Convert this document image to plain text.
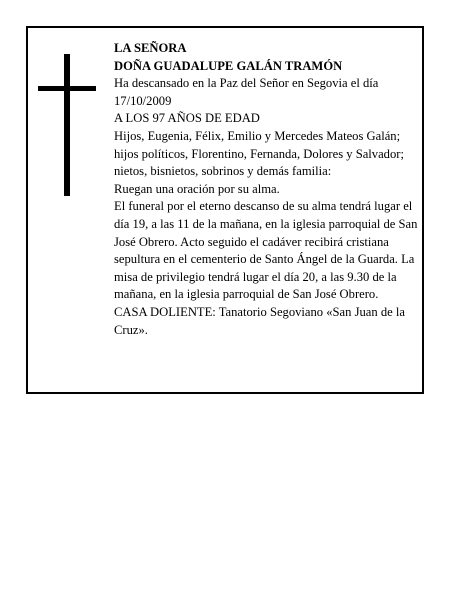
LA SEÑORA

DOÑA GUADALUPE GALÁN TRAMÓN

Ha descansado en la Paz del Señor en Segovia el día 17/10/2009

A LOS 97 AÑOS DE EDAD

Hijos, Eugenia, Félix, Emilio y Mercedes Mateos Galán; hijos políticos, Florentino, Fernanda, Dolores y Salvador; nietos, bisnietos, sobrinos y demás familia:

Ruegan una oración por su alma.

El funeral por el eterno descanso de su alma tendrá lugar el día 19, a las 11 de la mañana, en la iglesia parroquial de San José Obrero. Acto seguido el cadáver recibirá cristiana sepultura en el cementerio de Santo Ángel de la Guarda. La misa de privilegio tendrá lugar el día 20, a las 9.30 de la mañana, en la iglesia parroquial de San José Obrero.

CASA DOLIENTE: Tanatorio Segoviano «San Juan de la Cruz».
